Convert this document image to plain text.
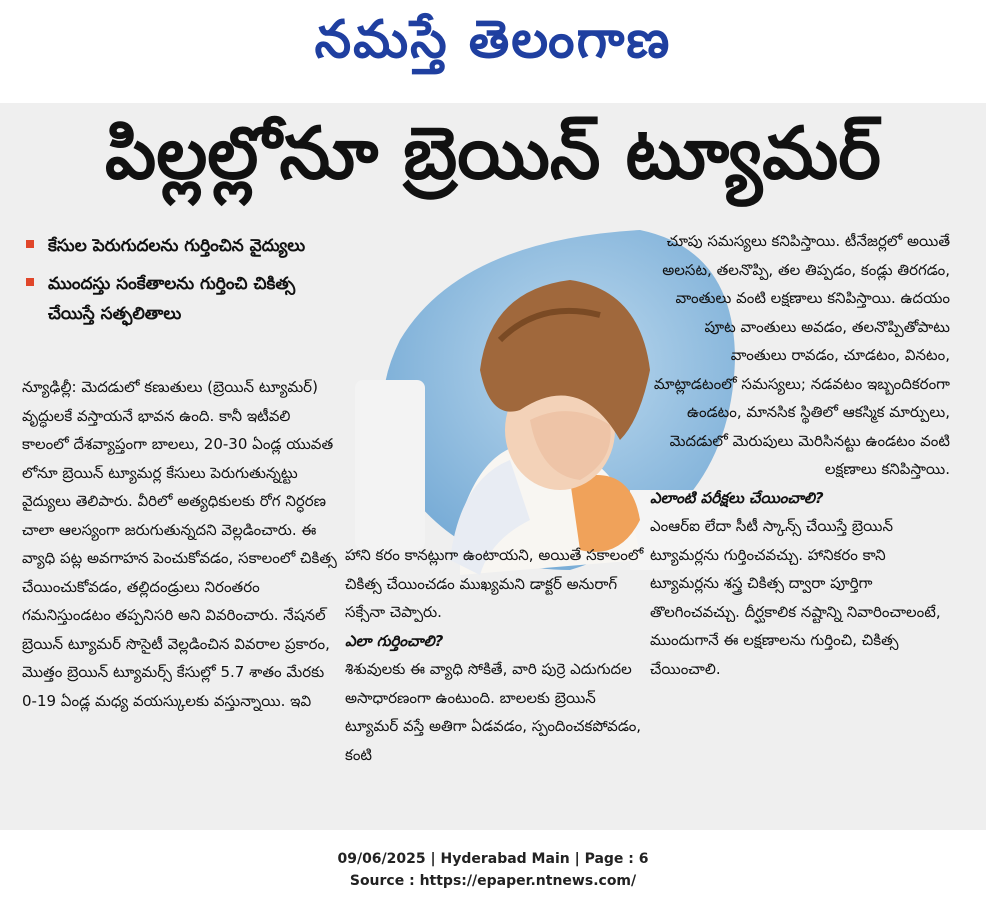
నమస్తే తెలంగాణ
పిల్లల్లోనూ బ్రెయిన్ ట్యూమర్
కేసుల పెరుగుదలను గుర్తించిన వైద్యులు
ముందస్తు సంకేతాలను గుర్తించి చికిత్స చేయిస్తే సత్ఫలితాలు

న్యూఢిల్లీ: మెదడులో కణుతులు (బ్రెయిన్ ట్యూమర్) వృద్ధులకే వస్తాయనే భావన ఉంది. కానీ ఇటీవలి కాలంలో దేశవ్యాప్తంగా బాలలు, 20-30 ఏండ్ల యువత లోనూ బ్రెయిన్ ట్యూమర్ల కేసులు పెరుగుతున్నట్టు వైద్యులు తెలిపారు. వీరిలో అత్యధికులకు రోగ నిర్ధరణ చాలా ఆలస్యంగా జరుగుతున్నదని వెల్లడించారు. ఈ వ్యాధి పట్ల అవగాహన పెంచుకోవడం, సకాలంలో చికిత్స చేయించుకోవడం, తల్లిదండ్రులు నిరంతరం గమనిస్తుండటం తప్పనిసరి అని వివరించారు. నేషనల్ బ్రెయిన్ ట్యూమర్ సొసైటీ వెల్లడించిన వివరాల ప్రకారం, మొత్తం బ్రెయిన్ ట్యూమర్స్ కేసుల్లో 5.7 శాతం మేరకు 0-19 ఏండ్ల మధ్య వయస్కులకు వస్తున్నాయి. ఇవి

హాని కరం కానట్లుగా ఉంటాయని, అయితే సకాలంలో చికిత్స చేయించడం ముఖ్యమని డాక్టర్ అనురాగ్ సక్సేనా చెప్పారు.

ఎలా గుర్తించాలి?

శిశువులకు ఈ వ్యాధి సోకితే, వారి పుర్రె ఎదుగుదల అసాధారణంగా ఉంటుంది. బాలలకు బ్రెయిన్ ట్యూమర్ వస్తే అతిగా ఏడవడం, స్పందించకపోవడం, కంటి

చూపు సమస్యలు కనిపిస్తాయి. టీనేజర్లలో అయితే అలసట, తలనొప్పి, తల తిప్పడం, కండ్లు తిరగడం, వాంతులు వంటి లక్షణాలు కనిపిస్తాయి. ఉదయం పూట వాంతులు అవడం, తలనొప్పితోపాటు వాంతులు రావడం, చూడటం, వినటం, మాట్లాడటంలో సమస్యలు; నడవటం ఇబ్బందికరంగా ఉండటం, మానసిక స్థితిలో ఆకస్మిక మార్పులు, మెదడులో మెరుపులు మెరిసినట్టు ఉండటం వంటి లక్షణాలు కనిపిస్తాయి.

ఎలాంటి పరీక్షలు చేయించాలి?

ఎంఆర్ఐ లేదా సీటీ స్కాన్స్ చేయిస్తే బ్రెయిన్ ట్యూమర్లను గుర్తించవచ్చు. హానికరం కాని ట్యూమర్లను శస్త్ర చికిత్స ద్వారా పూర్తిగా తొలగించవచ్చు. దీర్ఘకాలిక నష్టాన్ని నివారించాలంటే, ముందుగానే ఈ లక్షణాలను గుర్తించి, చికిత్స చేయించాలి.

09/06/2025 | Hyderabad Main | Page : 6
Source : https://epaper.ntnews.com/
